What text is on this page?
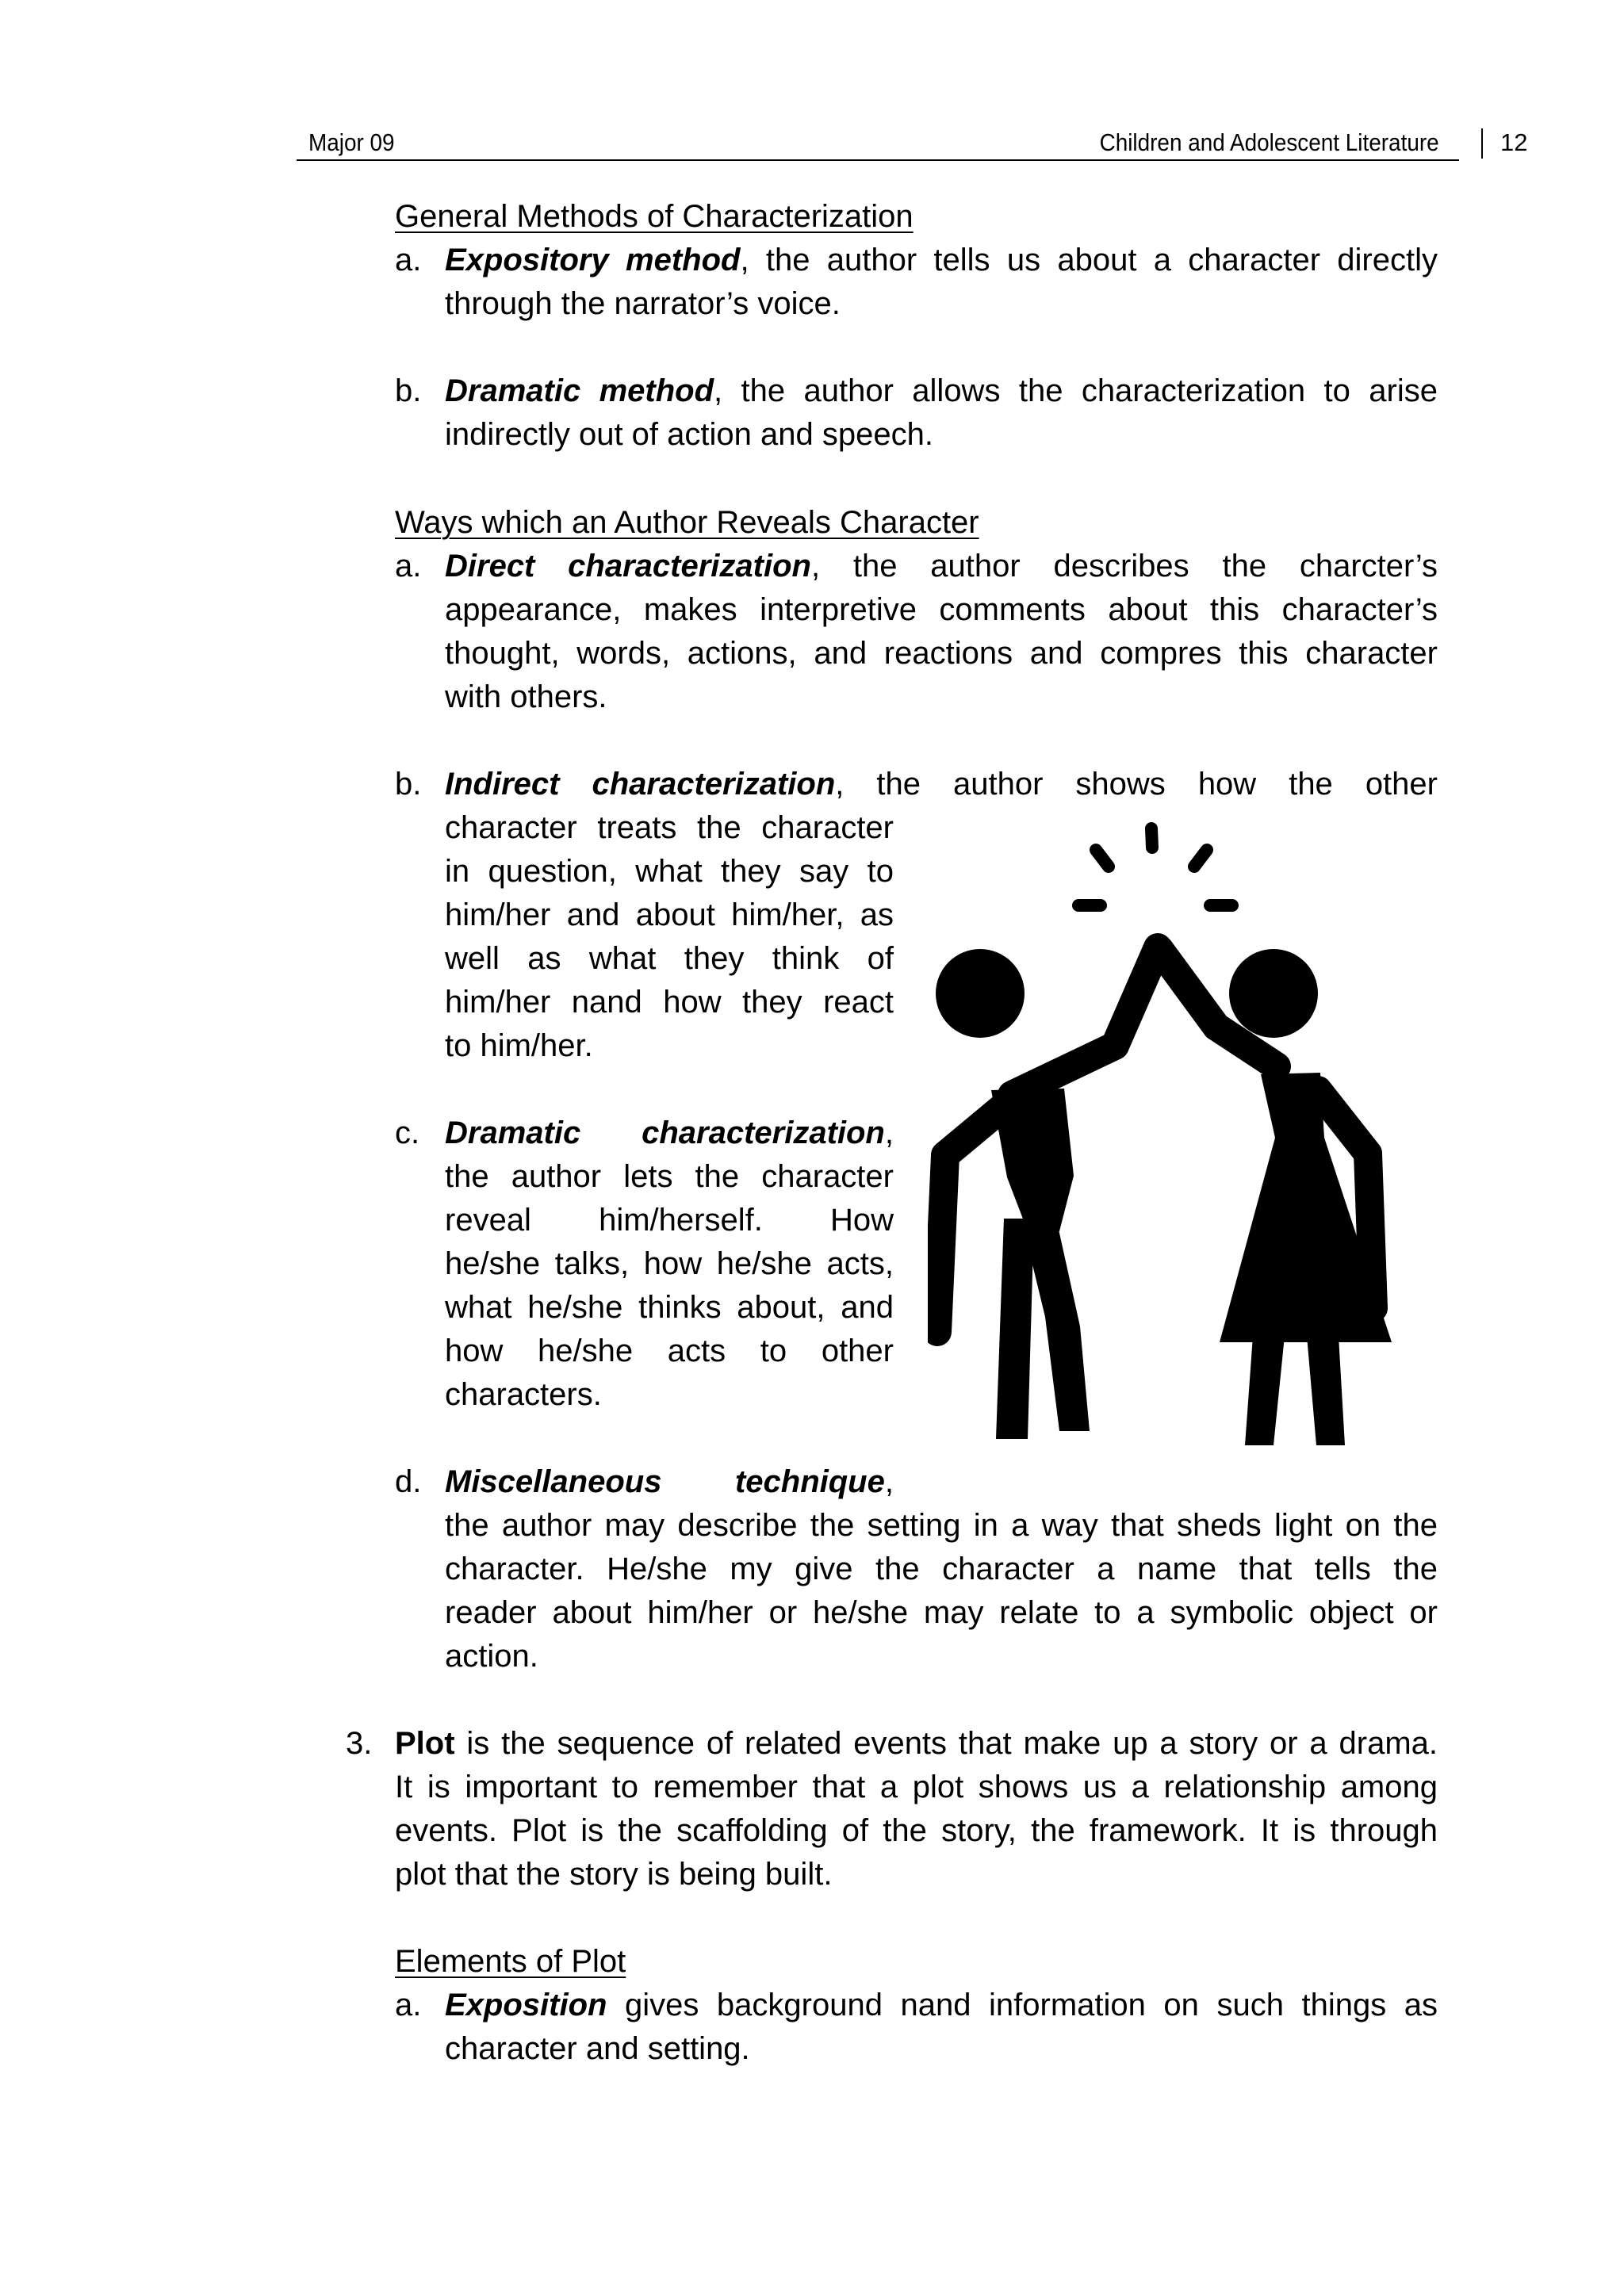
Major 09	Children and Adolescent Literature 12
General Methods of Characterization
a. Expository method, the author tells us about a character directly
through the narrator’s voice.
b. Dramatic method, the author allows the characterization to arise
indirectly out of action and speech.
Ways which an Author Reveals Character
a. Direct characterization, the author describes the charcter’s
appearance, makes interpretive comments about this character’s
thought, words, actions, and reactions and compres this character
with others.
b. Indirect characterization, the author shows how the other
character treats the character
in question, what they say to
him/her and about him/her, as
well as what they think of
him/her nand how they react
to him/her.
c. Dramatic characterization,
the author lets the character
reveal him/herself. How
he/she talks, how he/she acts,
what he/she thinks about, and
how he/she acts to other
characters.
d. Miscellaneous technique,
the author may describe the setting in a way that sheds light on the
character. He/she my give the character a name that tells the
reader about him/her or he/she may relate to a symbolic object or
action.
3. Plot is the sequence of related events that make up a story or a drama.
It is important to remember that a plot shows us a relationship among
events. Plot is the scaffolding of the story, the framework. It is through
plot that the story is being built.
Elements of Plot
a. Exposition gives background nand information on such things as
character and setting.
